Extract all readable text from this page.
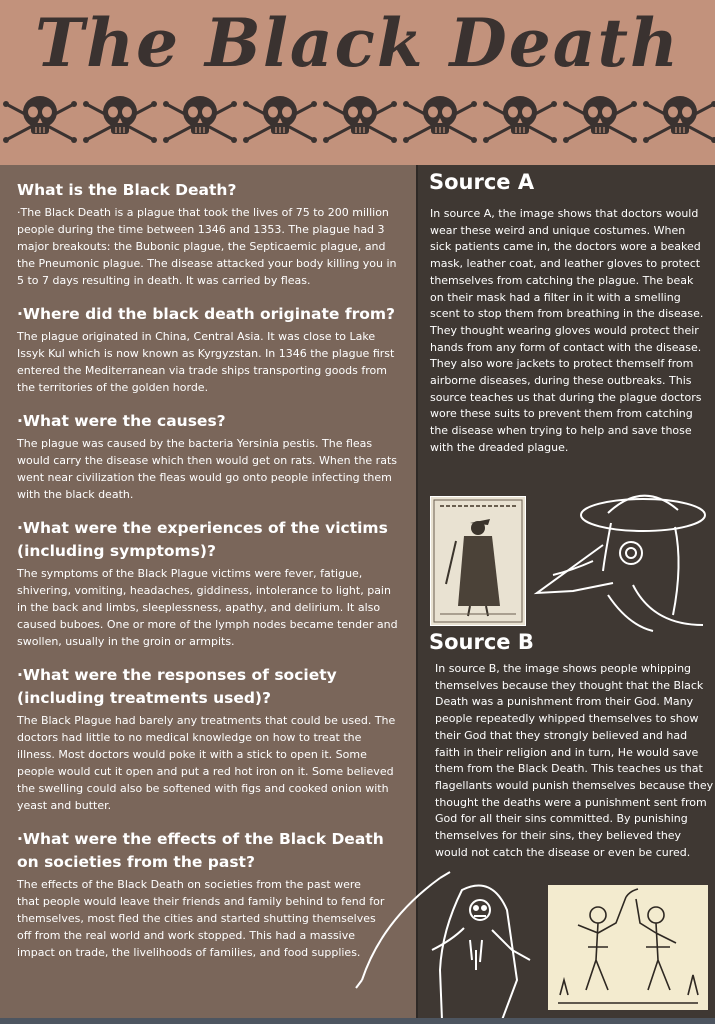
The Black Death
What is the Black Death?
·The Black Death is a plague that took the lives of 75 to 200 million people during the time between 1346 and 1353. The plague had 3 major breakouts: the Bubonic plague, the Septicaemic plague, and the Pneumonic plague. The disease attacked your body killing you in 5 to 7 days resulting in death. It was carried by fleas.
·Where did the black death originate from?
The plague originated in China, Central Asia. It was close to Lake Issyk Kul which is now known as Kyrgyzstan. In 1346 the plague first entered the Mediterranean via trade ships transporting goods from the territories of the golden horde.
·What were the causes?
The plague was caused by the bacteria Yersinia pestis. The fleas would carry the disease which then would get on rats. When the rats went near civilization the fleas would go onto people infecting them with the black death.
·What were the experiences of the victims (including symptoms)?
The symptoms of the Black Plague victims were fever, fatigue, shivering, vomiting, headaches, giddiness, intolerance to light, pain in the back and limbs, sleeplessness, apathy, and delirium. It also caused buboes. One or more of the lymph nodes became tender and swollen, usually in the groin or armpits.
·What were the responses of society (including treatments used)?
The Black Plague had barely any treatments that could be used. The doctors had little to no medical knowledge on how to treat the illness. Most doctors would poke it with a stick to open it. Some people would cut it open and put a red hot iron on it. Some believed the swelling could also be softened with figs and cooked onion with yeast and butter.
·What were the effects of the Black Death on societies from the past?
The effects of the Black Death on societies from the past were that people would leave their friends and family behind to fend for themselves, most fled the cities and started shutting themselves off from the real world and work stopped. This had a massive impact on trade, the livelihoods of families, and food supplies.
Source A
In source A, the image shows that doctors would wear these weird and unique costumes. When sick patients came in, the doctors wore a beaked mask, leather coat, and leather gloves to protect themselves from catching the plague. The beak on their mask had a filter in it with a smelling scent to stop them from breathing in the disease. They thought wearing gloves would protect their hands from any form of contact with the disease. They also wore jackets to protect themself from airborne diseases, during these outbreaks. This source teaches us that during the plague doctors wore these suits to prevent them from catching the disease when trying to help and save those with the dreaded plague.
Source B
In source B, the image shows people whipping themselves because they thought that the Black Death was a punishment from their God. Many people repeatedly whipped themselves to show their God that they strongly believed and had faith in their religion and in turn, He would save them from the Black Death. This teaches us that flagellants would punish themselves because they thought the deaths were a punishment sent from God for all their sins committed. By punishing themselves for their sins, they believed they would not catch the disease or even be cured.
